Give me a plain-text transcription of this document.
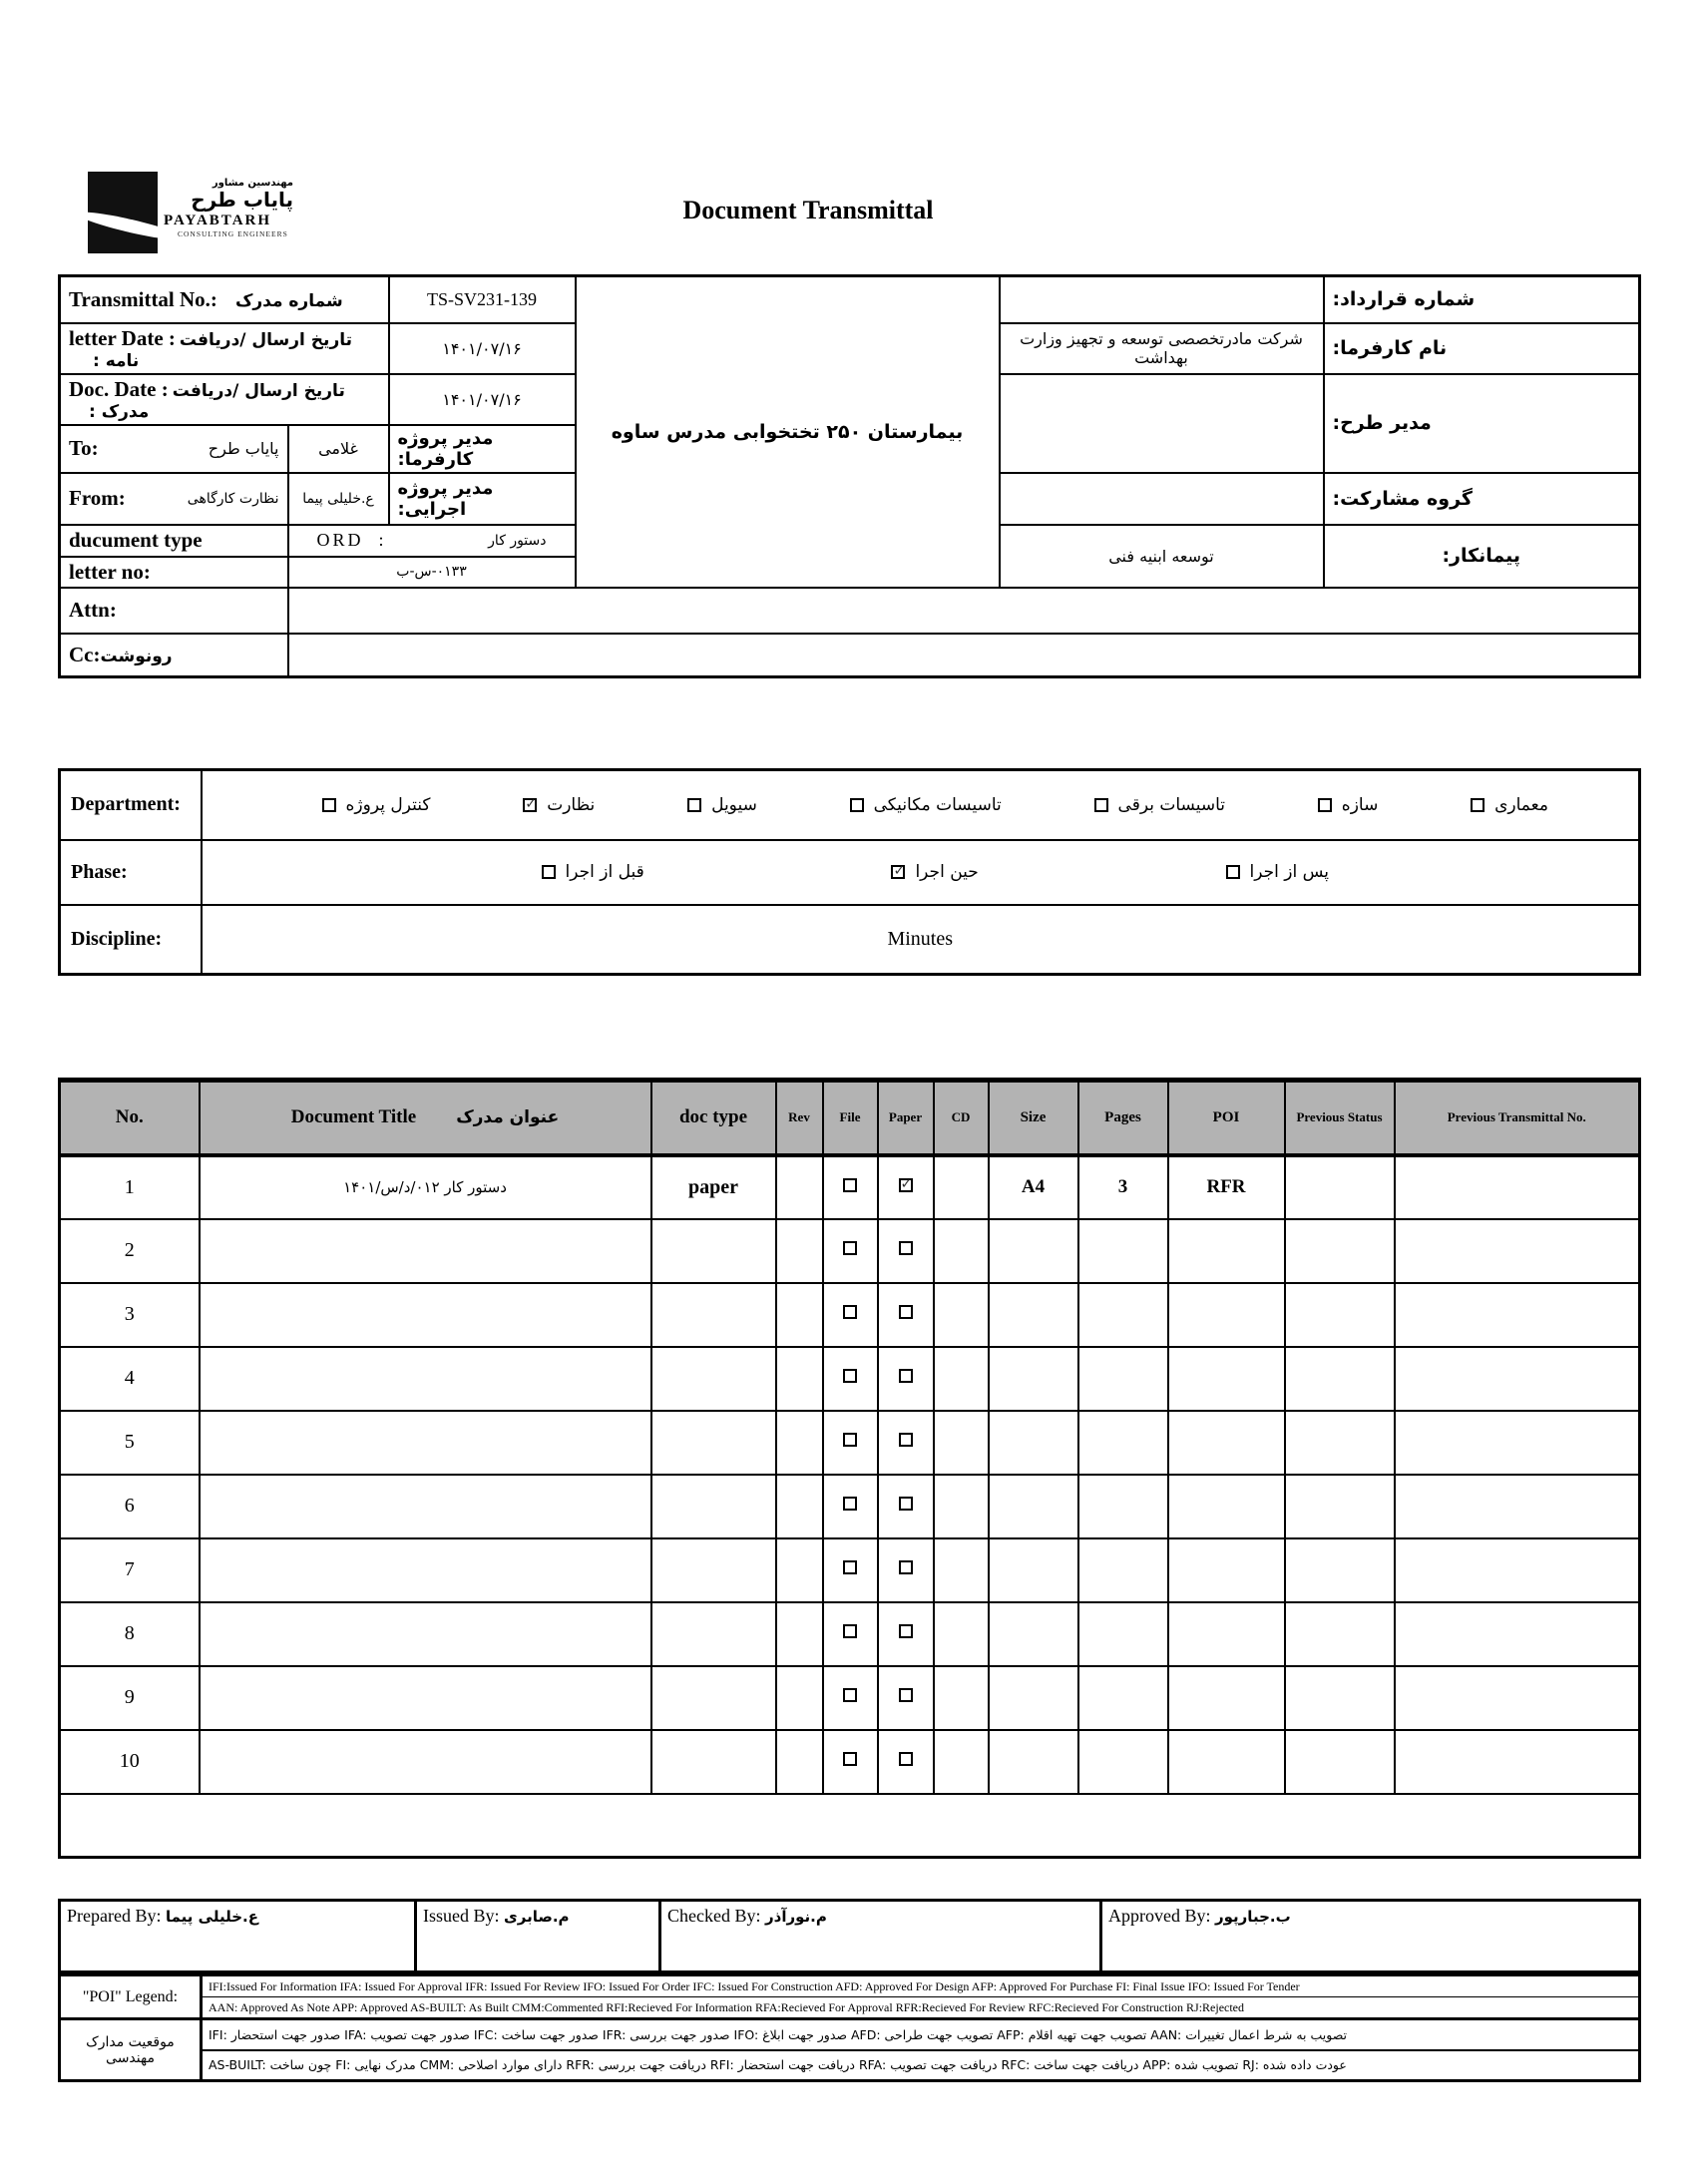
مهندسین مشاور
پایاب طرح
PAYABTARH
CONSULTING ENGINEERS
Document Transmittal
Transmittal No.: شماره مدرک		TS-SV231-139	بیمارستان ۲۵۰ تختخوابی مدرس ساوه		شماره قرارداد:
letter Date : تاریخ ارسال /دریافت نامه :		۱۴۰۱/۰۷/۱۶		شرکت مادرتخصصی توسعه و تجهیز وزارت بهداشت	نام کارفرما:
Doc. Date : تاریخ ارسال /دریافت مدرک :		۱۴۰۱/۰۷/۱۶			مدیر طرح:

To: پایاب طرح	غلامی	مدیر پروژه کارفرما:			

From: نظارت کارگاهی	ع.خلیلی پیما	مدیر پروژه اجرایی:			گروه مشارکت:
ducument type	ORD : دستور کار			توسعه ابنیه فنی	پیمانکار:
letter no:	۰۱۳۳-س-ب				
Attn:					
Cc:رونوشت					
Department:	کنترل پروژه ✓	نظارت	سیویل	تاسیسات مکانیکی	تاسیسات برقی	سازه	معماری

Phase:	قبل از اجرا ✓ حین اجرا پس از اجرا

Discipline:	Minutes
No.	Document Title عنوان مدرک	doc type	Rev	File	Paper	CD	Size	Pages	POI	Previous Status	Previous Transmittal No.
1	دستور کار ۰۱۲/د/س/۱۴۰۱	paper			✓		A4	3	RFR		
2											
3											
4											
5											
6											
7											
8											
9											
10											

Prepared By: ع.خلیلی پیما	Issued By: م.صابری	Checked By: م.نورآذر	Approved By: ب.جبارپور
"POI" Legend:	IFI:Issued For Information IFA: Issued For Approval IFR: Issued For Review IFO: Issued For Order IFC: Issued For Construction AFD: Approved For Design AFP: Approved For Purchase FI: Final Issue IFO: Issued For Tender
	AAN: Approved As Note APP: Approved AS-BUILT: As Built CMM:Commented RFI:Recieved For Information RFA:Recieved For Approval RFR:Recieved For Review RFC:Recieved For Construction RJ:Rejected
موقعیت مدارک مهندسی	IFI: صدور جهت استحضار IFA: صدور جهت تصویب IFC: صدور جهت ساخت IFR: صدور جهت بررسی IFO: صدور جهت ابلاغ AFD: تصویب جهت طراحی AFP: تصویب جهت تهیه اقلام AAN: تصویب به شرط اعمال تغییرات
	AS-BUILT: چون ساخت FI: مدرک نهایی CMM: دارای موارد اصلاحی RFR: دریافت جهت بررسی RFI: دریافت جهت استحضار RFA: دریافت جهت تصویب RFC: دریافت جهت ساخت APP: تصویب شده RJ: عودت داده شده
